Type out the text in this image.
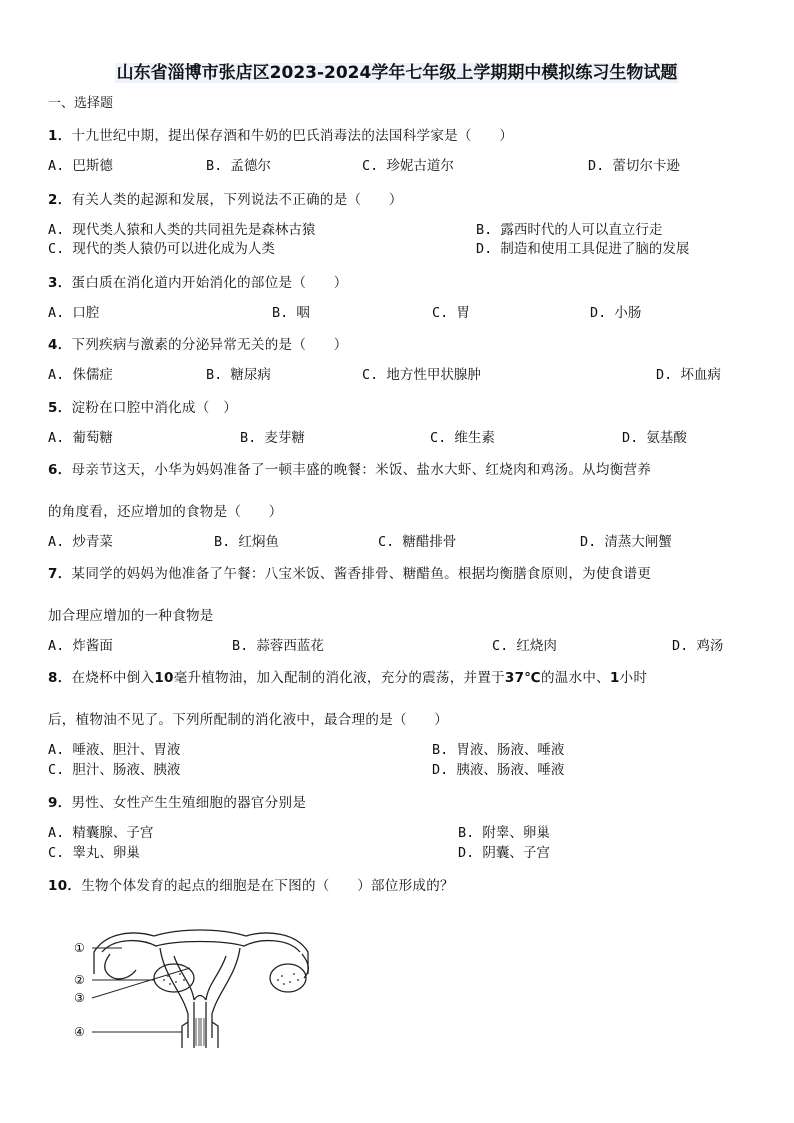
山东省淄博市张店区2023-2024学年七年级上学期期中模拟练习生物试题
一、选择题
1．十九世纪中期，提出保存酒和牛奶的巴氏消毒法的法国科学家是（　　）
A. 巴斯德	B. 孟德尔	C. 珍妮古道尔	D. 蕾切尔卡逊
2．有关人类的起源和发展，下列说法不正确的是（　　）
A. 现代类人猿和人类的共同祖先是森林古猿	B. 露西时代的人可以直立行走
C. 现代的类人猿仍可以进化成为人类	D. 制造和使用工具促进了脑的发展
3．蛋白质在消化道内开始消化的部位是（　　）
A. 口腔	B. 咽	C. 胃	D. 小肠
4．下列疾病与激素的分泌异常无关的是（　　）
A. 侏儒症	B. 糖尿病	C. 地方性甲状腺肿	D. 坏血病
5．淀粉在口腔中消化成（　）
A. 葡萄糖	B. 麦芽糖	C. 维生素	D. 氨基酸
6．母亲节这天，小华为妈妈准备了一顿丰盛的晚餐：米饭、盐水大虾、红烧肉和鸡汤。从均衡营养
的角度看，还应增加的食物是（　　）
A. 炒青菜	B. 红焖鱼	C. 糖醋排骨	D. 清蒸大闸蟹
7．某同学的妈妈为他准备了午餐：八宝米饭、酱香排骨、糖醋鱼。根据均衡膳食原则，为使食谱更
加合理应增加的一种食物是
A. 炸酱面	B. 蒜蓉西蓝花	C. 红烧肉	D. 鸡汤
8．在烧杯中倒入10毫升植物油，加入配制的消化液，充分的震荡，并置于37℃的温水中、1小时
后，植物油不见了。下列所配制的消化液中，最合理的是（　　）
A. 唾液、胆汁、胃液	B. 胃液、肠液、唾液
C. 胆汁、肠液、胰液	D. 胰液、肠液、唾液
9．男性、女性产生生殖细胞的器官分别是
A. 精囊腺、子宫	B. 附睾、卵巢
C. 睾丸、卵巢	D. 阴囊、子宫
10．生物个体发育的起点的细胞是在下图的（　　）部位形成的？
①
②
③
④
